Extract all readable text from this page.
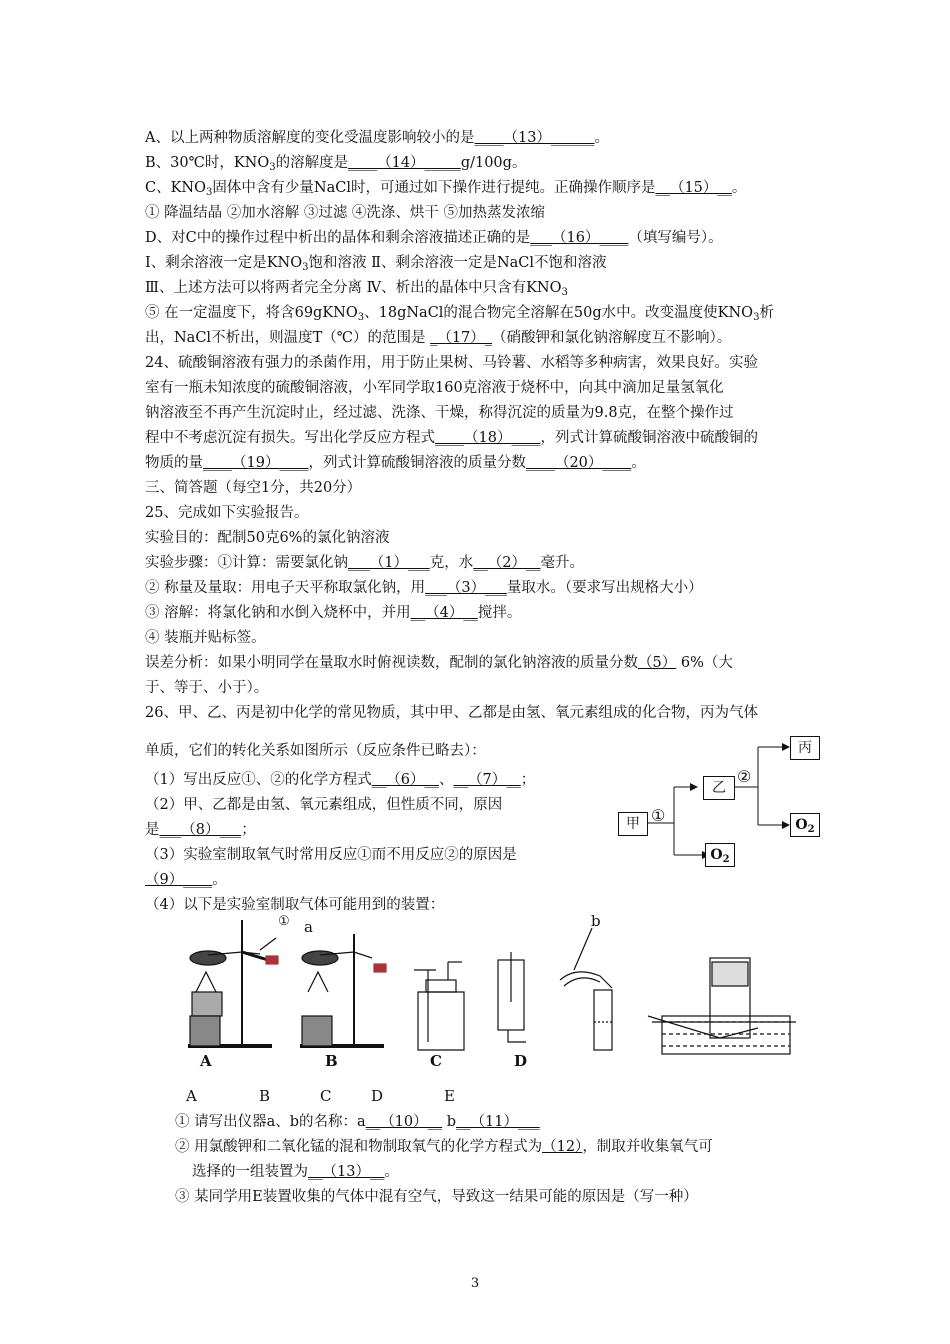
A、以上两种物质溶解度的变化受温度影响较小的是____（13）______。
B、30℃时，$KNO_3$的溶解度是____（14）_____g/100g。
C、$KNO_3$固体中含有少量NaCl时，可通过如下操作进行提纯。正确操作顺序是__（15）__。
① 降温结晶 ②加水溶解 ③过滤 ④洗涤、烘干 ⑤加热蒸发浓缩
D、对C中的操作过程中析出的晶体和剩余溶液描述正确的是___（16）____（填写编号）。
Ⅰ、剩余溶液一定是$KNO_3$饱和溶液 Ⅱ、剩余溶液一定是NaCl不饱和溶液
Ⅲ、上述方法可以将两者完全分离 Ⅳ、析出的晶体中只含有$KNO_3$
⑤ 在一定温度下，将含69gKNO$_3$、18gNaCl的混合物完全溶解在50g水中。改变温度使$KNO_3$析
出，NaCl不析出，则温度T（℃）的范围是 _（17）_（硝酸钾和氯化钠溶解度互不影响）。
24、硫酸铜溶液有强力的杀菌作用，用于防止果树、马铃薯、水稻等多种病害，效果良好。实验
室有一瓶未知浓度的硫酸铜溶液，小军同学取160克溶液于烧杯中，向其中滴加足量氢氧化
钠溶液至不再产生沉淀时止，经过滤、洗涤、干燥，称得沉淀的质量为9.8克，在整个操作过
程中不考虑沉淀有损失。写出化学反应方程式____（18）____，列式计算硫酸铜溶液中硫酸铜的
物质的量____（19）____，列式计算硫酸铜溶液的质量分数____（20）____。
三、简答题（每空1分，共20分）
25、完成如下实验报告。
实验目的：配制50克6%的氯化钠溶液
实验步骤：①计算：需要氯化钠___（1）___克，水__（2）__毫升。
② 称量及量取：用电子天平称取氯化钠，用___（3）___量取水。（要求写出规格大小）
③ 溶解：将氯化钠和水倒入烧杯中，并用__（4）__搅拌。
④ 装瓶并贴标签。
误差分析：如果小明同学在量取水时俯视读数，配制的氯化钠溶液的质量分数（5） 6%（大
于、等于、小于）。
26、甲、乙、丙是初中化学的常见物质，其中甲、乙都是由氢、氧元素组成的化合物，丙为气体
单质，它们的转化关系如图所示（反应条件已略去）：
（1）写出反应①、②的化学方程式__（6）__、__（7）__；
（2）甲、乙都是由氢、氧元素组成，但性质不同，原因
是___（8）___；
（3）实验室制取氧气时常用反应①而不用反应②的原因是
（9）____。
（4）以下是实验室制取气体可能用到的装置：
甲 ①
乙
②
丙
$O_2$
$O_2$
a	b
①
A	B	C	D
A	B	C	D	E
① 请写出仪器a、b的名称：a__（10）__ b__（11）___
② 用氯酸钾和二氧化锰的混和物制取氧气的化学方程式为（12），制取并收集氧气可
选择的一组装置为__（13）__。
③ 某同学用E装置收集的气体中混有空气，导致这一结果可能的原因是（写一种）
3
